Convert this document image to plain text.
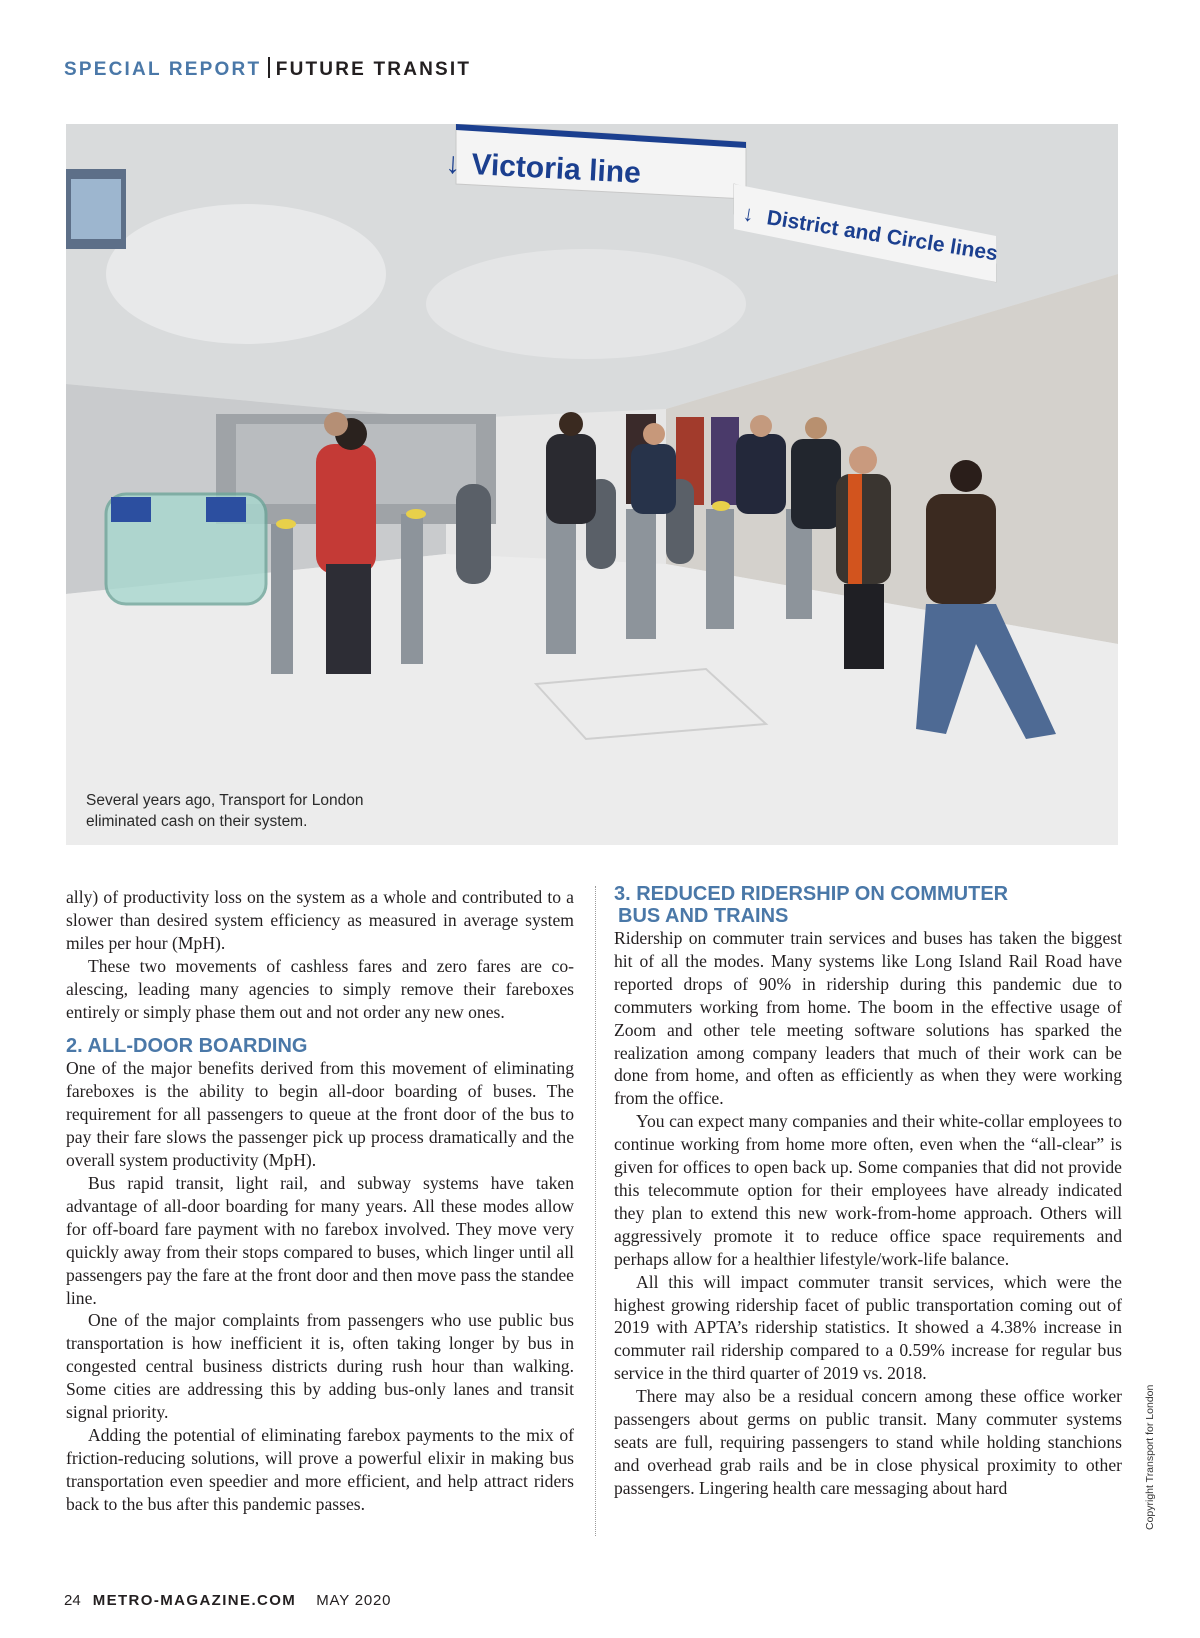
SPECIAL REPORT FUTURE TRANSIT
Victoria line
↓
District and Circle lines
↓
Several years ago, Transport for London
eliminated cash on their system.

ally) of productivity loss on the system as a whole and contributed to a slower than desired system efficiency as measured in average system miles per hour (MpH).

These two movements of cashless fares and zero fares are co-alescing, leading many agencies to simply remove their fareboxes entirely or simply phase them out and not order any new ones.

2. ALL-DOOR BOARDING

One of the major benefits derived from this movement of eliminating fareboxes is the ability to begin all-door boarding of buses. The requirement for all passengers to queue at the front door of the bus to pay their fare slows the passenger pick up process dramatically and the overall system productivity (MpH).

Bus rapid transit, light rail, and subway systems have taken advantage of all-door boarding for many years. All these modes allow for off-board fare payment with no farebox involved. They move very quickly away from their stops compared to buses, which linger until all passengers pay the fare at the front door and then move pass the standee line.

One of the major complaints from passengers who use public bus transportation is how inefficient it is, often taking longer by bus in congested central business districts during rush hour than walking. Some cities are addressing this by adding bus-only lanes and transit signal priority.

Adding the potential of eliminating farebox payments to the mix of friction-reducing solutions, will prove a powerful elixir in making bus transportation even speedier and more efficient, and help attract riders back to the bus after this pandemic passes.

3. REDUCED RIDERSHIP ON COMMUTER
BUS AND TRAINS

Ridership on commuter train services and buses has taken the biggest hit of all the modes. Many systems like Long Island Rail Road have reported drops of 90% in ridership during this pandemic due to commuters working from home. The boom in the effective usage of Zoom and other tele meeting software solutions has sparked the realization among company leaders that much of their work can be done from home, and often as efficiently as when they were working from the office.

You can expect many companies and their white-collar employees to continue working from home more often, even when the “all-clear” is given for offices to open back up. Some companies that did not provide this telecommute option for their employees have already indicated they plan to extend this new work-from-home approach. Others will aggressively promote it to reduce office space requirements and perhaps allow for a healthier lifestyle/work-life balance.

All this will impact commuter transit services, which were the highest growing ridership facet of public transportation coming out of 2019 with APTA’s ridership statistics. It showed a 4.38% increase in commuter rail ridership compared to a 0.59% increase for regular bus service in the third quarter of 2019 vs. 2018.

There may also be a residual concern among these office worker passengers about germs on public transit. Many commuter systems seats are full, requiring passengers to stand while holding stanchions and overhead grab rails and be in close physical proximity to other passengers. Lingering health care messaging about hard	Copyright Transport for London
24 METRO-MAGAZINE.COM MAY 2020
